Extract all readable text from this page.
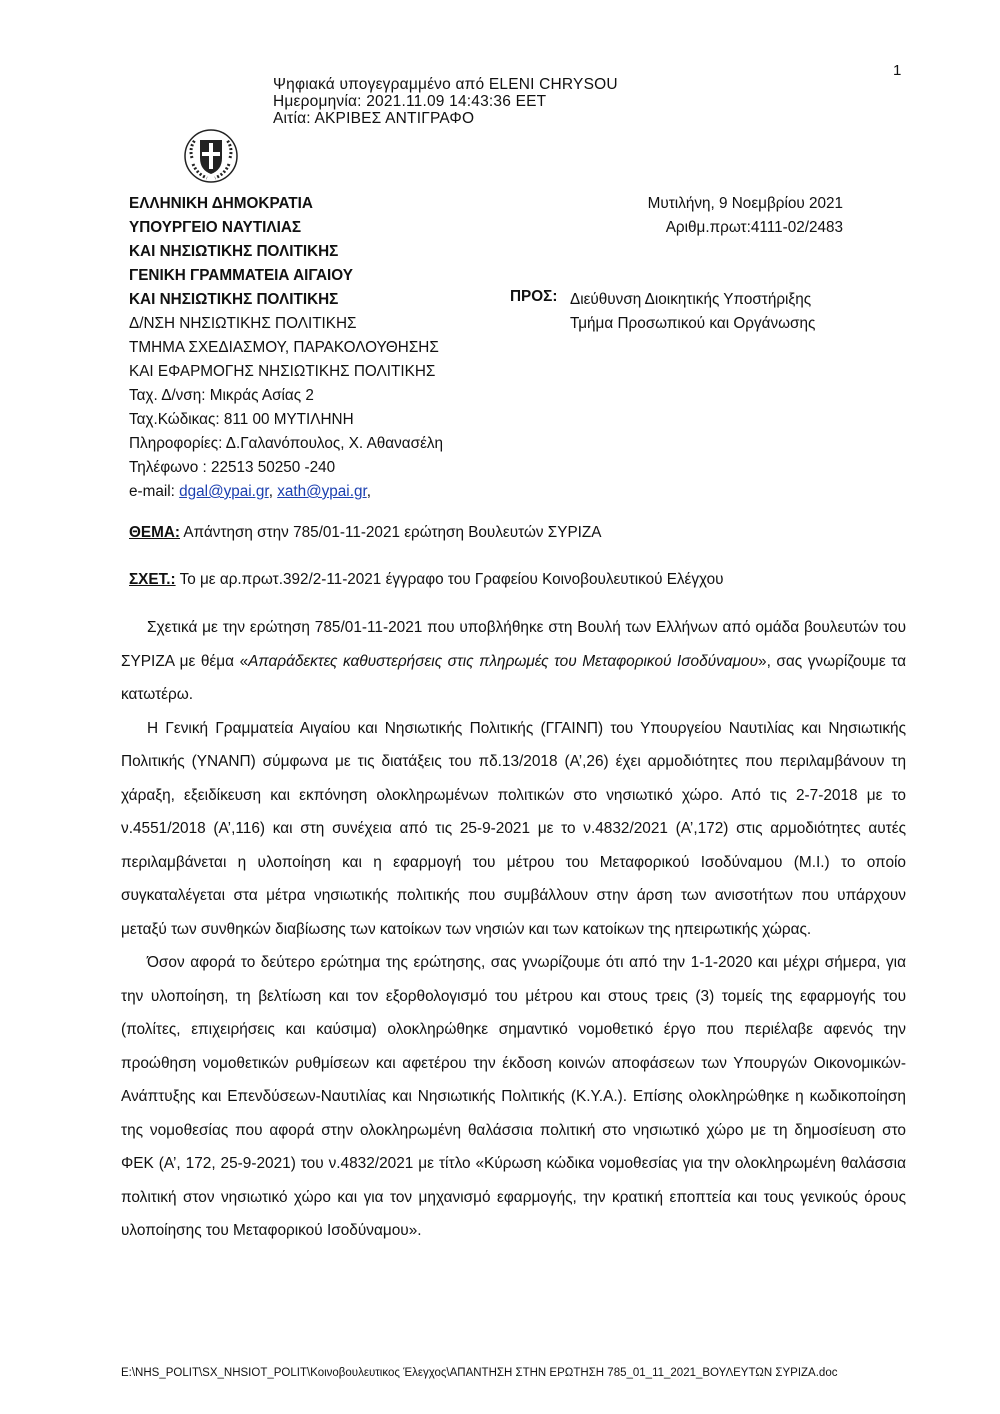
1
Ψηφιακά υπογεγραμμένο από ELENI CHRYSOU
Ημερομηνία: 2021.11.09 14:43:36 EET
Αιτία: ΑΚΡΙΒΕΣ ΑΝΤΙΓΡΑΦΟ
ΕΛΛΗΝΙΚΗ ΔΗΜΟΚΡΑΤΙΑ
ΥΠΟΥΡΓΕΙΟ ΝΑΥΤΙΛΙΑΣ
ΚΑΙ ΝΗΣΙΩΤΙΚΗΣ ΠΟΛΙΤΙΚΗΣ
ΓΕΝΙΚΗ ΓΡΑΜΜΑΤΕΙΑ ΑΙΓΑΙΟΥ
ΚΑΙ ΝΗΣΙΩΤΙΚΗΣ ΠΟΛΙΤΙΚΗΣ
Δ/ΝΣΗ ΝΗΣΙΩΤΙΚΗΣ ΠΟΛΙΤΙΚΗΣ
ΤΜΗΜΑ ΣΧΕΔΙΑΣΜΟΥ, ΠΑΡΑΚΟΛΟΥΘΗΣΗΣ
ΚΑΙ ΕΦΑΡΜΟΓΗΣ ΝΗΣΙΩΤΙΚΗΣ ΠΟΛΙΤΙΚΗΣ
Ταχ. Δ/νση: Μικράς Ασίας 2
Ταχ.Κώδικας: 811 00 ΜΥΤΙΛΗΝΗ
Πληροφορίες: Δ.Γαλανόπουλος, Χ. Αθανασέλη
Τηλέφωνο : 22513 50250 -240
e-mail: dgal@ypai.gr, xath@ypai.gr,
Μυτιλήνη, 9 Νοεμβρίου 2021
Αριθμ.πρωτ:4111-02/2483
ΠΡΟΣ: Διεύθυνση Διοικητικής Υποστήριξης
Τμήμα Προσωπικού και Οργάνωσης
ΘΕΜΑ: Απάντηση στην 785/01-11-2021 ερώτηση Βουλευτών ΣΥΡΙΖΑ
ΣΧΕΤ.: Το με αρ.πρωτ.392/2-11-2021 έγγραφο του Γραφείου Κοινοβουλευτικού Ελέγχου

Σχετικά με την ερώτηση 785/01-11-2021 που υποβλήθηκε στη Βουλή των Ελλήνων από ομάδα βουλευτών του ΣΥΡΙΖΑ με θέμα «Απαράδεκτες καθυστερήσεις στις πληρωμές του Μεταφορικού Ισοδύναμου», σας γνωρίζουμε τα κατωτέρω.

Η Γενική Γραμματεία Αιγαίου και Νησιωτικής Πολιτικής (ΓΓΑΙΝΠ) του Υπουργείου Ναυτιλίας και Νησιωτικής Πολιτικής (ΥΝΑΝΠ) σύμφωνα με τις διατάξεις του πδ.13/2018 (Α’,26) έχει αρμοδιότητες που περιλαμβάνουν τη χάραξη, εξειδίκευση και εκπόνηση ολοκληρωμένων πολιτικών στο νησιωτικό χώρο. Από τις 2-7-2018 με το ν.4551/2018 (Α’,116) και στη συνέχεια από τις 25-9-2021 με το ν.4832/2021 (Α’,172) στις αρμοδιότητες αυτές περιλαμβάνεται η υλοποίηση και η εφαρμογή του μέτρου του Μεταφορικού Ισοδύναμου (Μ.Ι.) το οποίο συγκαταλέγεται στα μέτρα νησιωτικής πολιτικής που συμβάλλουν στην άρση των ανισοτήτων που υπάρχουν μεταξύ των συνθηκών διαβίωσης των κατοίκων των νησιών και των κατοίκων της ηπειρωτικής χώρας.

Όσον αφορά το δεύτερο ερώτημα της ερώτησης, σας γνωρίζουμε ότι από την 1-1-2020 και μέχρι σήμερα, για την υλοποίηση, τη βελτίωση και τον εξορθολογισμό του μέτρου και στους τρεις (3) τομείς της εφαρμογής του (πολίτες, επιχειρήσεις και καύσιμα) ολοκληρώθηκε σημαντικό νομοθετικό έργο που περιέλαβε αφενός την προώθηση νομοθετικών ρυθμίσεων και αφετέρου την έκδοση κοινών αποφάσεων των Υπουργών Οικονομικών-Ανάπτυξης και Επενδύσεων-Ναυτιλίας και Νησιωτικής Πολιτικής (Κ.Υ.Α.). Επίσης ολοκληρώθηκε η κωδικοποίηση της νομοθεσίας που αφορά στην ολοκληρωμένη θαλάσσια πολιτική στο νησιωτικό χώρο με τη δημοσίευση στο ΦΕΚ (Α’, 172, 25-9-2021) του ν.4832/2021 με τίτλο «Κύρωση κώδικα νομοθεσίας για την ολοκληρωμένη θαλάσσια πολιτική στον νησιωτικό χώρο και για τον μηχανισμό εφαρμογής, την κρατική εποπτεία και τους γενικούς όρους υλοποίησης του Μεταφορικού Ισοδύναμου».

E:\NHS_POLIT\SX_NHSIOT_POLIT\Κοινοβουλευτικος Έλεγχος\ΑΠΑΝΤΗΣΗ ΣΤΗΝ ΕΡΩΤΗΣΗ 785_01_11_2021_ΒΟΥΛΕΥΤΩΝ ΣΥΡΙΖΑ.doc
